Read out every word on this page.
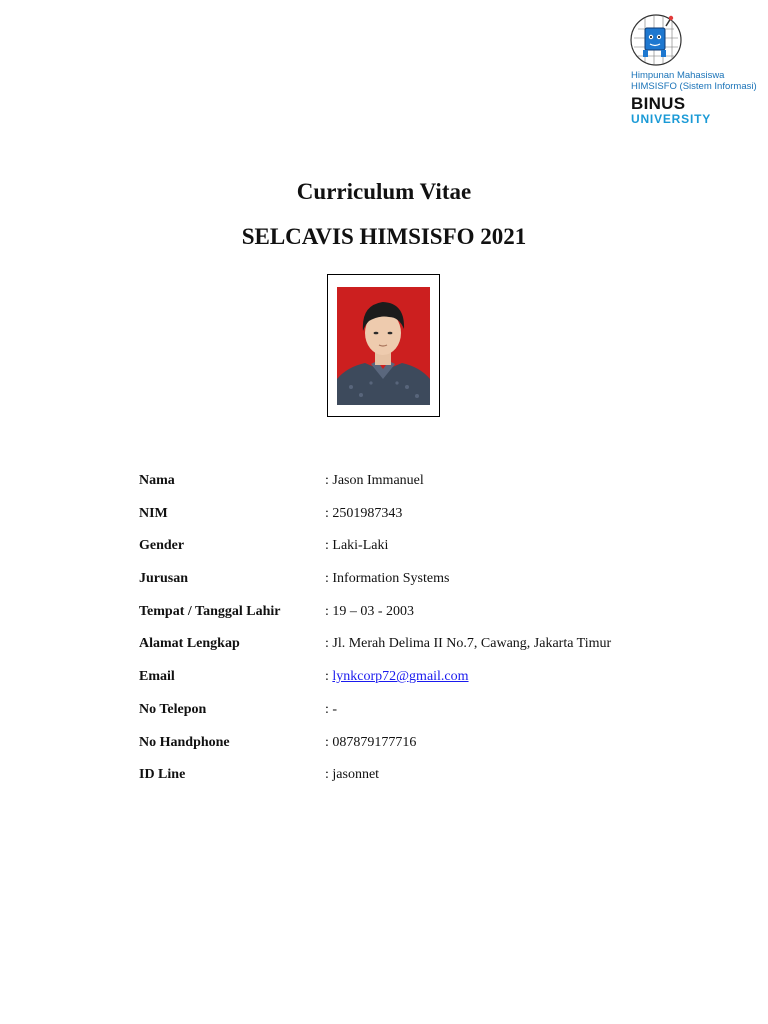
Himpunan Mahasiswa
HIMSISFO (Sistem Informasi)
BINUS
UNIVERSITY
Curriculum Vitae
SELCAVIS HIMSISFO 2021
Nama	: Jason Immanuel
NIM	: 2501987343
Gender	: Laki-Laki
Jurusan	: Information Systems
Tempat / Tanggal Lahir	: 19 – 03 - 2003
Alamat Lengkap	: Jl. Merah Delima II No.7, Cawang, Jakarta Timur
Email	: lynkcorp72@gmail.com
No Telepon	: -
No Handphone	: 087879177716
ID Line	: jasonnet
